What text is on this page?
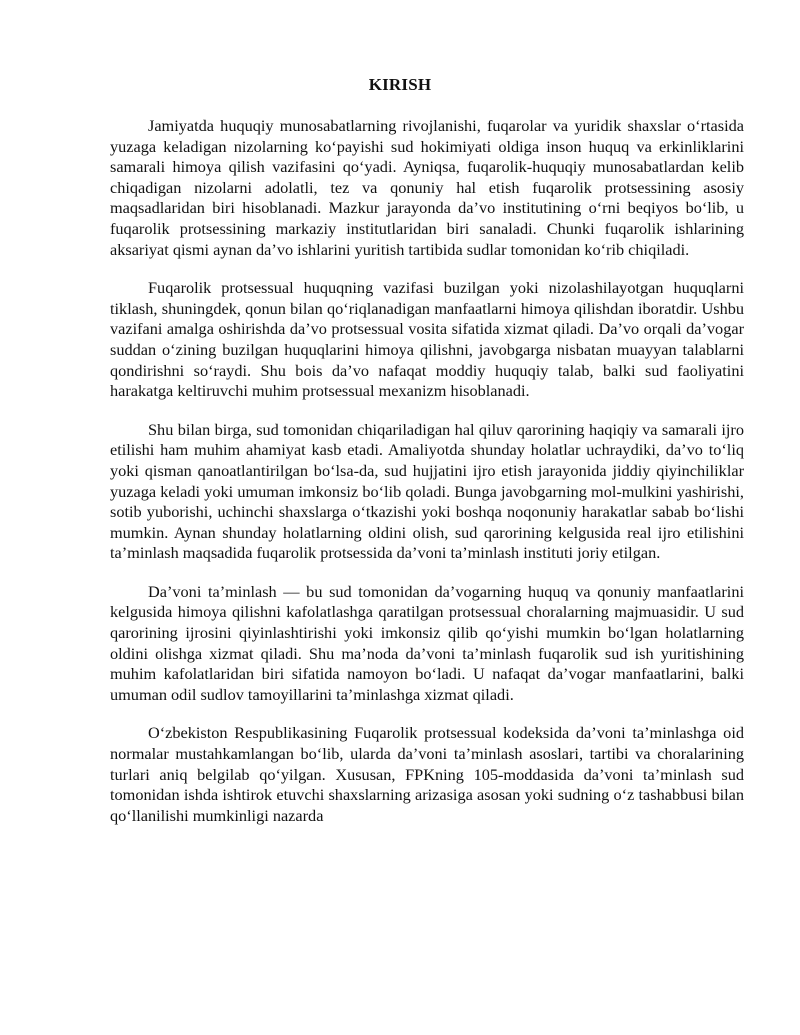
KIRISH

Jamiyatda huquqiy munosabatlarning rivojlanishi, fuqarolar va yuridik shaxslar o‘rtasida yuzaga keladigan nizolarning ko‘payishi sud hokimiyati oldiga inson huquq va erkinliklarini samarali himoya qilish vazifasini qo‘yadi. Ayniqsa, fuqarolik-huquqiy munosabatlardan kelib chiqadigan nizolarni adolatli, tez va qonuniy hal etish fuqarolik protsessining asosiy maqsadlaridan biri hisoblanadi. Mazkur jarayonda da’vo institutining o‘rni beqiyos bo‘lib, u fuqarolik protsessining markaziy institutlaridan biri sanaladi. Chunki fuqarolik ishlarining aksariyat qismi aynan da’vo ishlarini yuritish tartibida sudlar tomonidan ko‘rib chiqiladi.

Fuqarolik protsessual huquqning vazifasi buzilgan yoki nizolashilayotgan huquqlarni tiklash, shuningdek, qonun bilan qo‘riqlanadigan manfaatlarni himoya qilishdan iboratdir. Ushbu vazifani amalga oshirishda da’vo protsessual vosita sifatida xizmat qiladi. Da’vo orqali da’vogar suddan o‘zining buzilgan huquqlarini himoya qilishni, javobgarga nisbatan muayyan talablarni qondirishni so‘raydi. Shu bois da’vo nafaqat moddiy huquqiy talab, balki sud faoliyatini harakatga keltiruvchi muhim protsessual mexanizm hisoblanadi.

Shu bilan birga, sud tomonidan chiqariladigan hal qiluv qarorining haqiqiy va samarali ijro etilishi ham muhim ahamiyat kasb etadi. Amaliyotda shunday holatlar uchraydiki, da’vo to‘liq yoki qisman qanoatlantirilgan bo‘lsa-da, sud hujjatini ijro etish jarayonida jiddiy qiyinchiliklar yuzaga keladi yoki umuman imkonsiz bo‘lib qoladi. Bunga javobgarning mol-mulkini yashirishi, sotib yuborishi, uchinchi shaxslarga o‘tkazishi yoki boshqa noqonuniy harakatlar sabab bo‘lishi mumkin. Aynan shunday holatlarning oldini olish, sud qarorining kelgusida real ijro etilishini ta’minlash maqsadida fuqarolik protsessida da’voni ta’minlash instituti joriy etilgan.

Da’voni ta’minlash — bu sud tomonidan da’vogarning huquq va qonuniy manfaatlarini kelgusida himoya qilishni kafolatlashga qaratilgan protsessual choralarning majmuasidir. U sud qarorining ijrosini qiyinlashtirishi yoki imkonsiz qilib qo‘yishi mumkin bo‘lgan holatlarning oldini olishga xizmat qiladi. Shu ma’noda da’voni ta’minlash fuqarolik sud ish yuritishining muhim kafolatlaridan biri sifatida namoyon bo‘ladi. U nafaqat da’vogar manfaatlarini, balki umuman odil sudlov tamoyillarini ta’minlashga xizmat qiladi.

O‘zbekiston Respublikasining Fuqarolik protsessual kodeksida da’voni ta’minlashga oid normalar mustahkamlangan bo‘lib, ularda da’voni ta’minlash asoslari, tartibi va choralarining turlari aniq belgilab qo‘yilgan. Xususan, FPKning 105-moddasida da’voni ta’minlash sud tomonidan ishda ishtirok etuvchi shaxslarning arizasiga asosan yoki sudning o‘z tashabbusi bilan qo‘llanilishi mumkinligi nazarda
